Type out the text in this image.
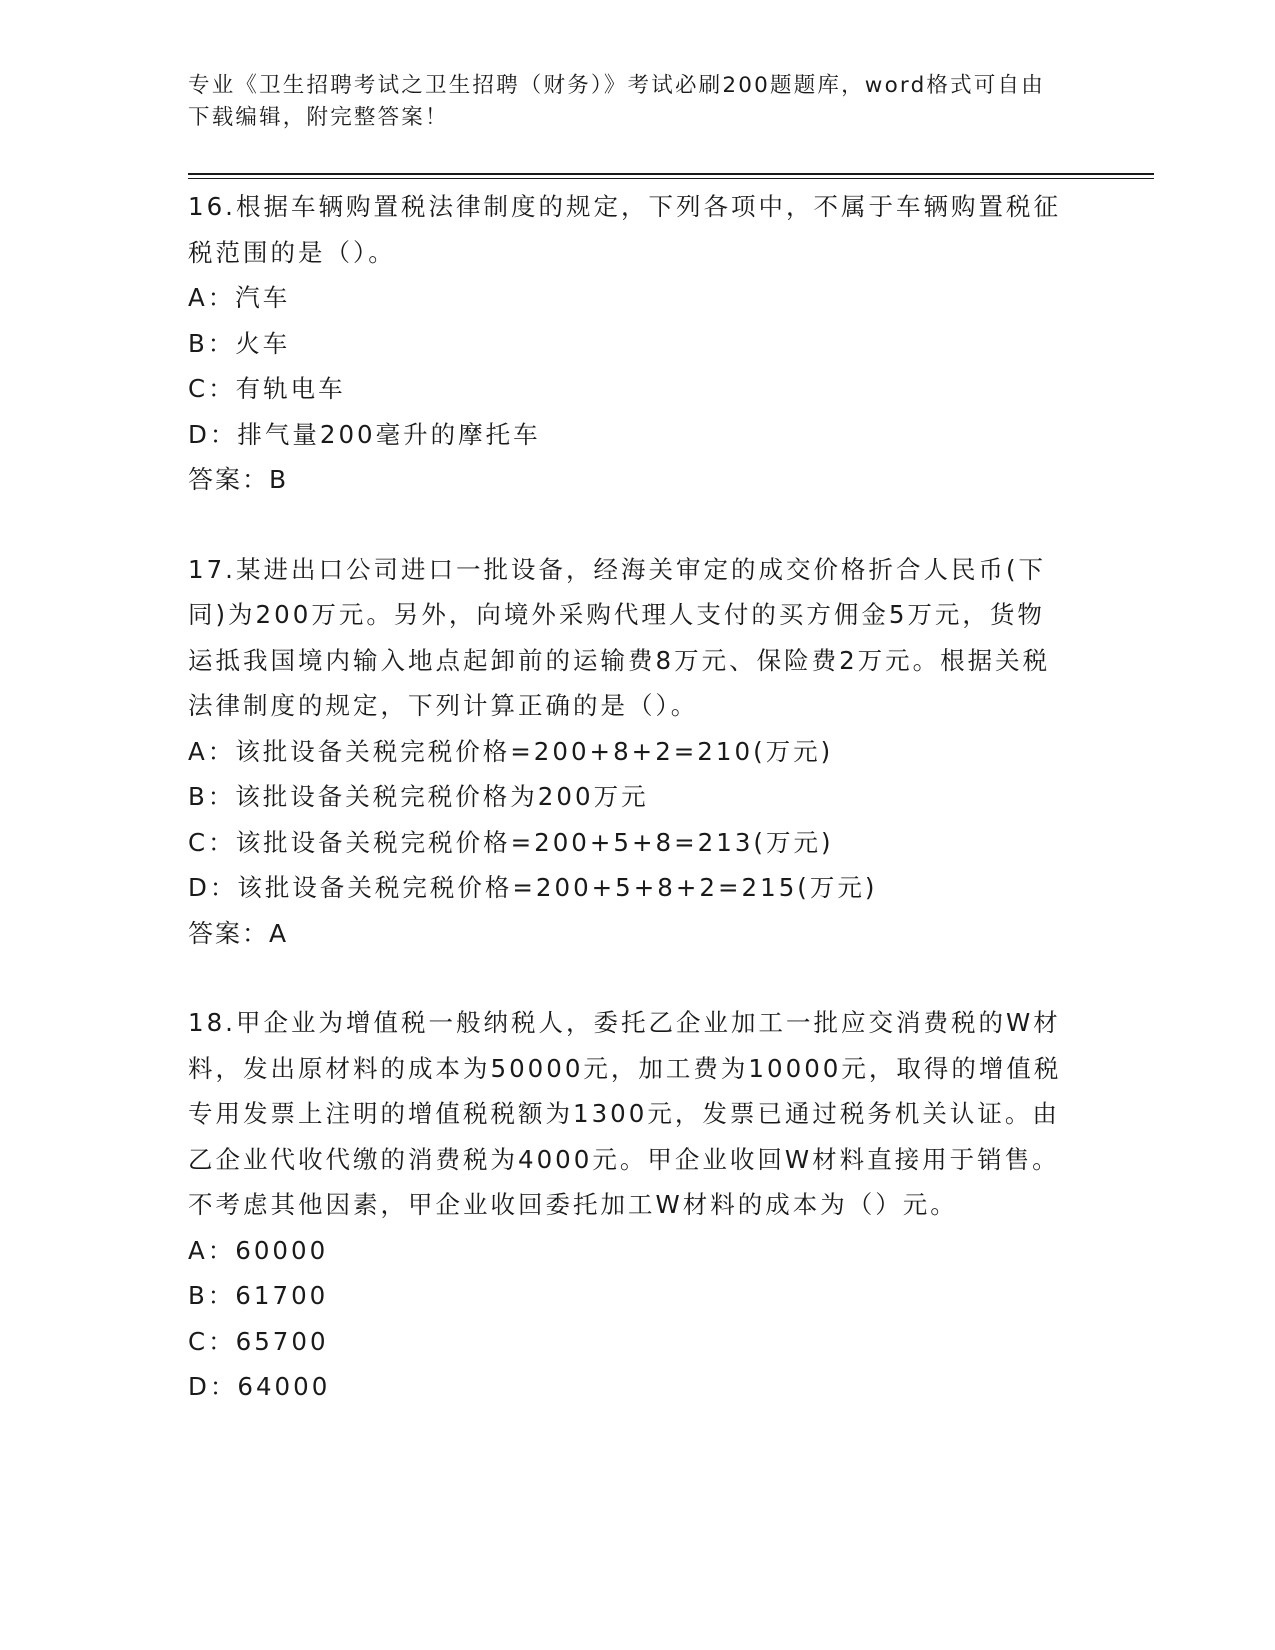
专业《卫生招聘考试之卫生招聘（财务）》考试必刷200题题库，word格式可自由下载编辑，附完整答案！

16.根据车辆购置税法律制度的规定，下列各项中，不属于车辆购置税征税范围的是（）。

A：汽车

B：火车

C：有轨电车

D：排气量200毫升的摩托车

答案：B

17.某进出口公司进口一批设备，经海关审定的成交价格折合人民币(下同)为200万元。另外，向境外采购代理人支付的买方佣金5万元，货物运抵我国境内输入地点起卸前的运输费8万元、保险费2万元。根据关税法律制度的规定，下列计算正确的是（）。

A：该批设备关税完税价格=200+8+2=210(万元)

B：该批设备关税完税价格为200万元

C：该批设备关税完税价格=200+5+8=213(万元)

D：该批设备关税完税价格=200+5+8+2=215(万元)

答案：A

18.甲企业为增值税一般纳税人，委托乙企业加工一批应交消费税的W材料，发出原材料的成本为50000元，加工费为10000元，取得的增值税专用发票上注明的增值税税额为1300元，发票已通过税务机关认证。由乙企业代收代缴的消费税为4000元。甲企业收回W材料直接用于销售。不考虑其他因素，甲企业收回委托加工W材料的成本为（）元。

A：60000

B：61700

C：65700

D：64000
